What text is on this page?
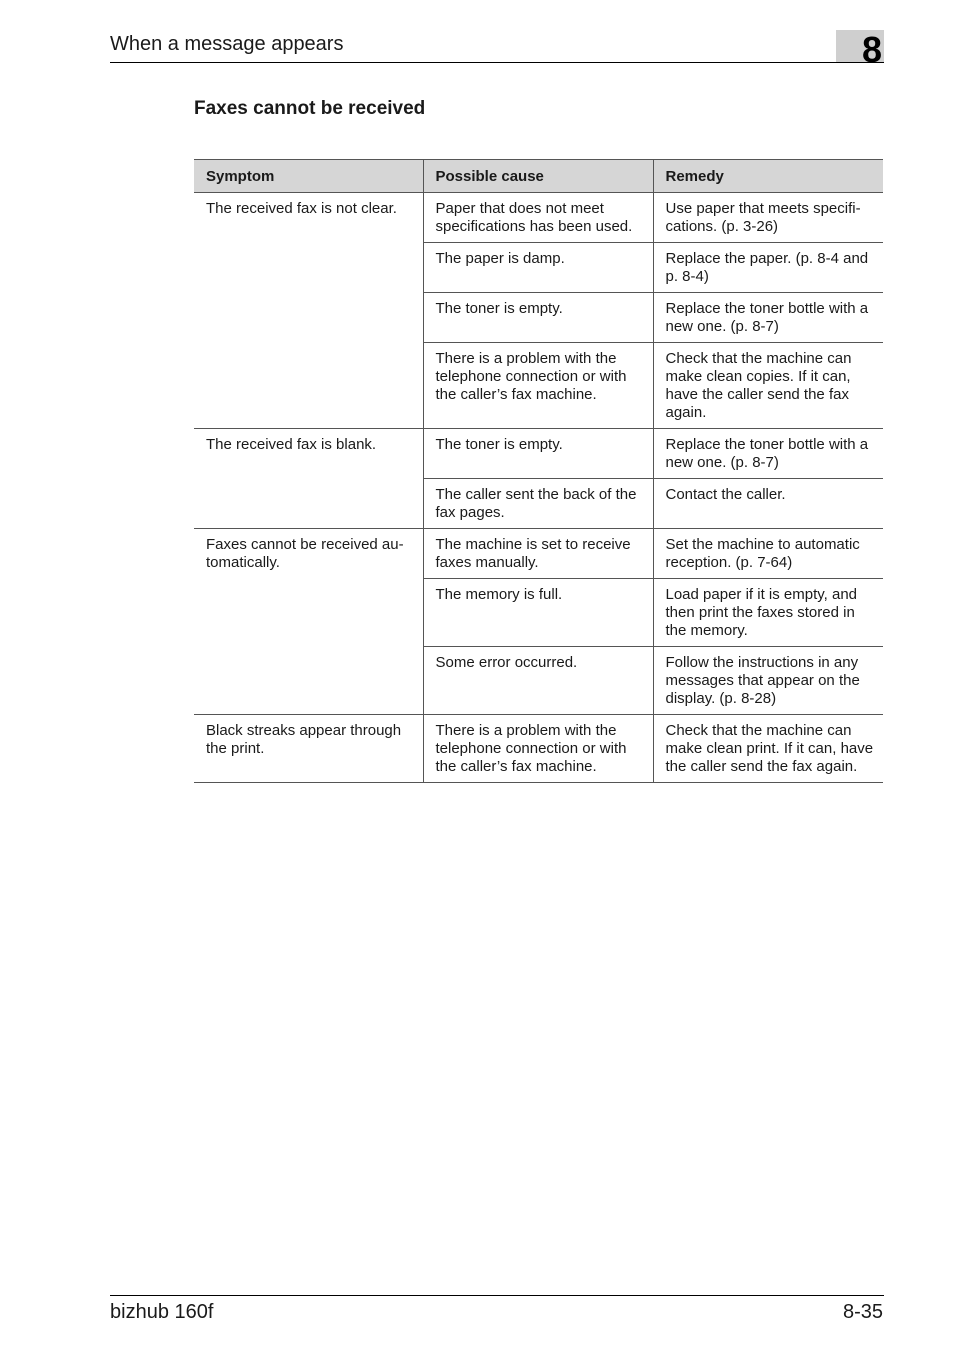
When a message appears	8
Faxes cannot be received
Symptom	Possible cause	Remedy
The received fax is not clear.	Paper that does not meet specifications has been used.	Use paper that meets specifi-cations. (p. 3-26)
	The paper is damp.	Replace the paper. (p. 8-4 and p. 8-4)
	The toner is empty.	Replace the toner bottle with a new one. (p. 8-7)
	There is a problem with the telephone connection or with the caller’s fax machine.	Check that the machine can make clean copies. If it can, have the caller send the fax again.
The received fax is blank.	The toner is empty.	Replace the toner bottle with a new one. (p. 8-7)
	The caller sent the back of the fax pages.	Contact the caller.
Faxes cannot be received au-tomatically.	The machine is set to receive faxes manually.	Set the machine to automatic reception. (p. 7-64)
	The memory is full.	Load paper if it is empty, and then print the faxes stored in the memory.
	Some error occurred.	Follow the instructions in any messages that appear on the display. (p. 8-28)
Black streaks appear through the print.	There is a problem with the telephone connection or with the caller’s fax machine.	Check that the machine can make clean print. If it can, have the caller send the fax again.
bizhub 160f	8-35
